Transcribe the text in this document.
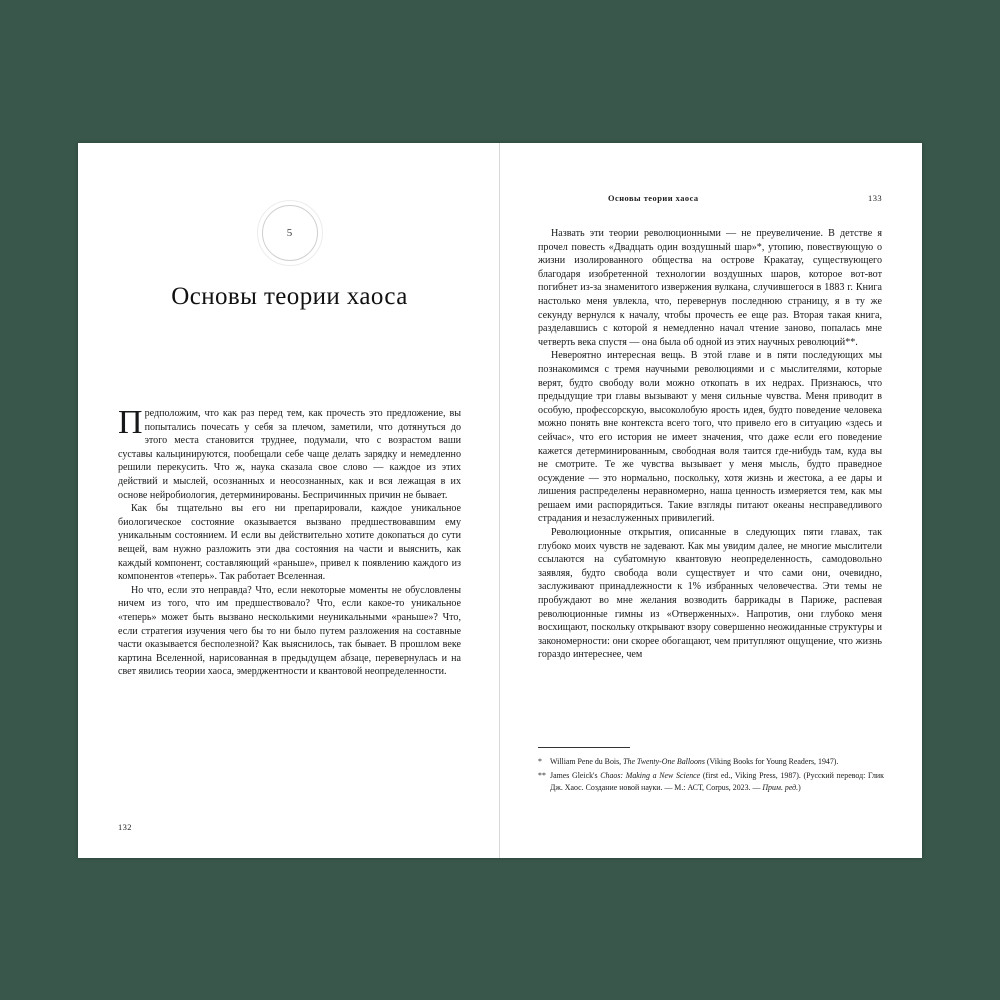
5
Основы теории хаоса

Предположим, что как раз перед тем, как прочесть это предложение, вы попытались почесать у себя за плечом, заметили, что дотянуться до этого места становится труднее, подумали, что с возрастом ваши суставы кальцинируются, пообещали себе чаще делать зарядку и немедленно решили перекусить. Что ж, наука сказала свое слово — каждое из этих действий и мыслей, осознанных и неосознанных, как и вся лежащая в их основе нейробиология, детерминированы. Беспричинных причин не бывает.

Как бы тщательно вы его ни препарировали, каждое уникальное биологическое состояние оказывается вызвано предшествовавшим ему уникальным состоянием. И если вы действительно хотите докопаться до сути вещей, вам нужно разложить эти два состояния на части и выяснить, как каждый компонент, составляющий «раньше», привел к появлению каждого из компонентов «теперь». Так работает Вселенная.

Но что, если это неправда? Что, если некоторые моменты не обусловлены ничем из того, что им предшествовало? Что, если какое-то уникальное «теперь» может быть вызвано несколькими неуникальными «раньше»? Что, если стратегия изучения чего бы то ни было путем разложения на составные части оказывается бесполезной? Как выяснилось, так бывает. В прошлом веке картина Вселенной, нарисованная в предыдущем абзаце, перевернулась и на свет явились теории хаоса, эмерджентности и квантовой неопределенности.

132
Основы теории хаоса	133

Назвать эти теории революционными — не преувеличение. В детстве я прочел повесть «Двадцать один воздушный шар»*, утопию, повествующую о жизни изолированного общества на острове Кракатау, существующего благодаря изобретенной технологии воздушных шаров, которое вот-вот погибнет из-за знаменитого извержения вулкана, случившегося в 1883 г. Книга настолько меня увлекла, что, перевернув последнюю страницу, я в ту же секунду вернулся к началу, чтобы прочесть ее еще раз. Вторая такая книга, разделавшись с которой я немедленно начал чтение заново, попалась мне четверть века спустя — она была об одной из этих научных революций**.

Невероятно интересная вещь. В этой главе и в пяти последующих мы познакомимся с тремя научными революциями и с мыслителями, которые верят, будто свободу воли можно откопать в их недрах. Признаюсь, что предыдущие три главы вызывают у меня сильные чувства. Меня приводит в особую, профессорскую, высоколобую ярость идея, будто поведение человека можно понять вне контекста всего того, что привело его в ситуацию «здесь и сейчас», что его история не имеет значения, что даже если его поведение кажется детерминированным, свободная воля таится где-нибудь там, куда вы не смотрите. Те же чувства вызывает у меня мысль, будто праведное осуждение — это нормально, поскольку, хотя жизнь и жестока, а ее дары и лишения распределены неравномерно, наша ценность измеряется тем, как мы решаем ими распорядиться. Такие взгляды питают океаны несправедливого страдания и незаслуженных привилегий.

Революционные открытия, описанные в следующих пяти главах, так глубоко моих чувств не задевают. Как мы увидим далее, не многие мыслители ссылаются на субатомную квантовую неопределенность, самодовольно заявляя, будто свобода воли существует и что сами они, очевидно, заслуживают принадлежности к 1% избранных человечества. Эти темы не пробуждают во мне желания возводить баррикады в Париже, распевая революционные гимны из «Отверженных». Напротив, они глубоко меня восхищают, поскольку открывают взору совершенно неожиданные структуры и закономерности: они скорее обогащают, чем притупляют ощущение, что жизнь гораздо интереснее, чем

* William Pene du Bois, The Twenty-One Balloons (Viking Books for Young Readers, 1947).

** James Gleick's Chaos: Making a New Science (first ed., Viking Press, 1987). (Русский перевод: Глик Дж. Хаос. Создание новой науки. — М.: АСТ, Corpus, 2023. — Прим. ред.)
